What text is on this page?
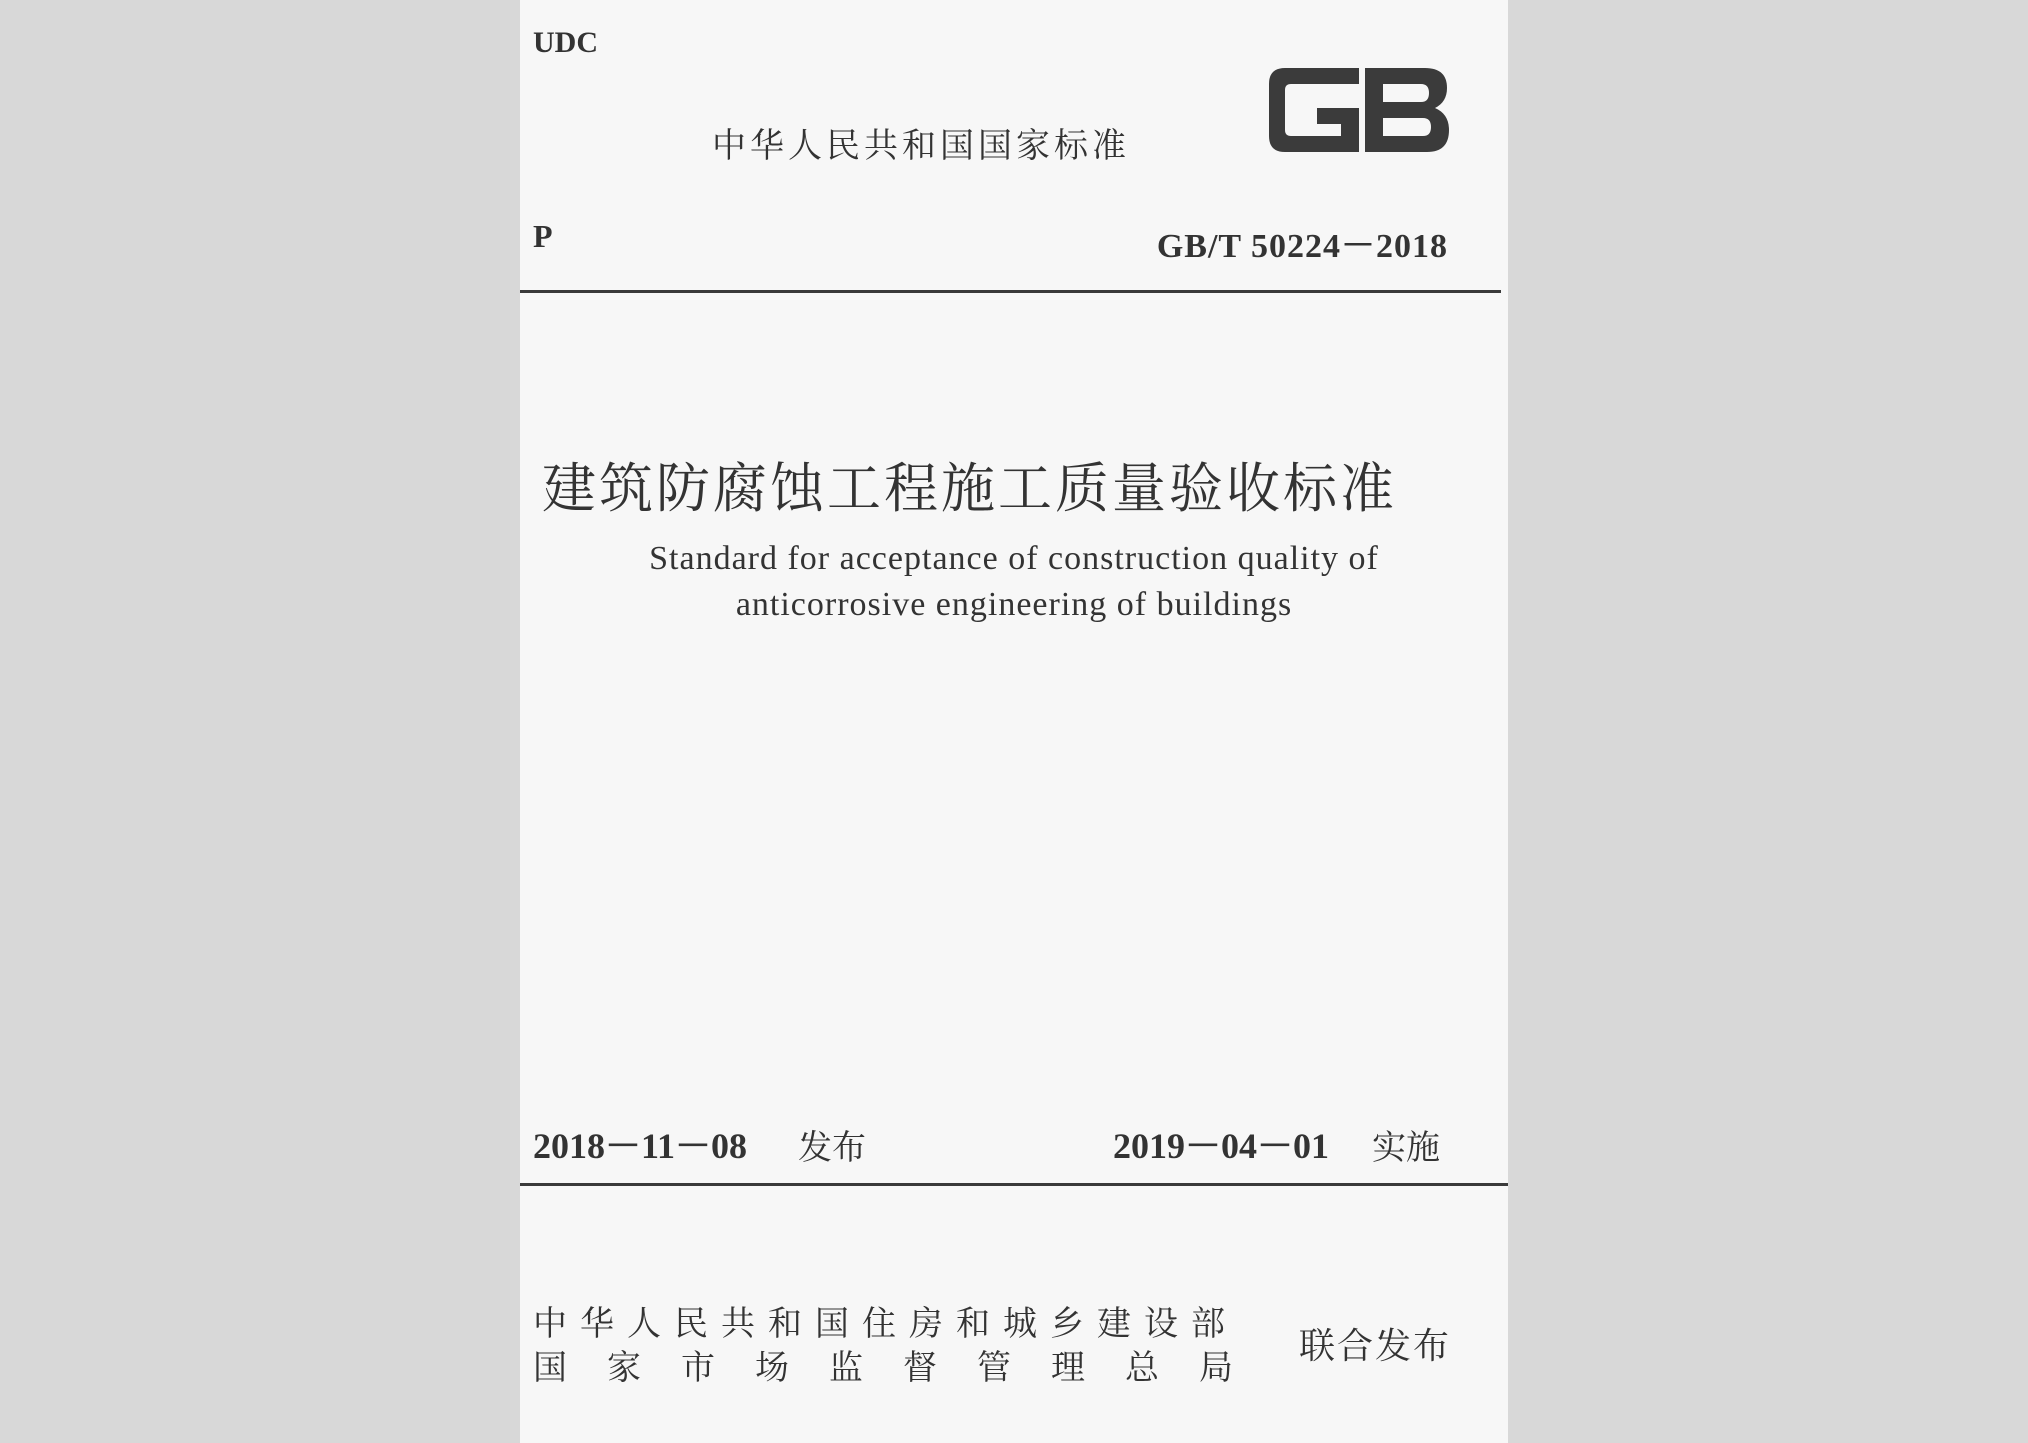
UDC
中华人民共和国国家标准
P	GB/T 50224－2018
建筑防腐蚀工程施工质量验收标准
Standard for acceptance of construction quality of
anticorrosive engineering of buildings
2018－11－08 发布	2019－04－01 实施
中华人民共和国住房和城乡建设部
国 家 市 场 监 督 管 理 总 局
联合发布
